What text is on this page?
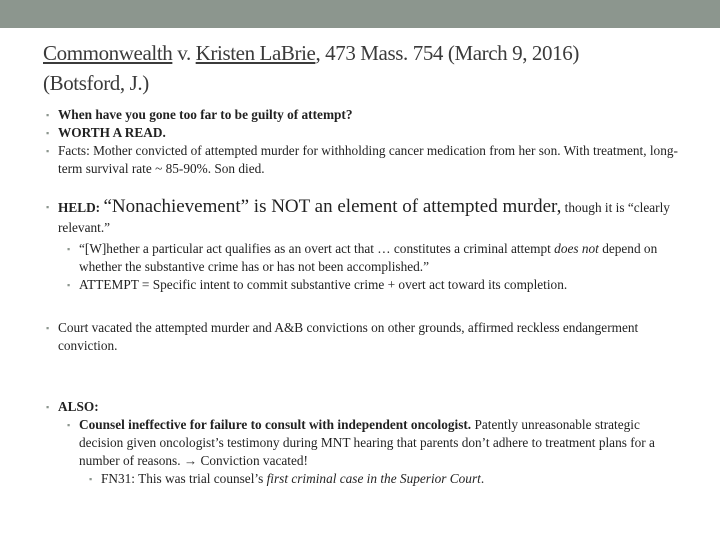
Commonwealth v. Kristen LaBrie, 473 Mass. 754 (March 9, 2016)
(Botsford, J.)
▪ When have you gone too far to be guilty of attempt?
▪ WORTH A READ.
▪ Facts: Mother convicted of attempted murder for withholding cancer medication from her son. With treatment, long-term survival rate ~ 85-90%. Son died.
▪ HELD: “Nonachievement” is NOT an element of attempted murder, though it is “clearly relevant.”
▪ “[W]hether a particular act qualifies as an overt act that … constitutes a criminal attempt does not depend on whether the substantive crime has or has not been accomplished.”
▪ ATTEMPT = Specific intent to commit substantive crime + overt act toward its completion.
▪ Court vacated the attempted murder and A&B convictions on other grounds, affirmed reckless endangerment conviction.
▪ ALSO:
▪ Counsel ineffective for failure to consult with independent oncologist. Patently unreasonable strategic decision given oncologist’s testimony during MNT hearing that parents don’t adhere to treatment plans for a number of reasons. → Conviction vacated!
▪ FN31: This was trial counsel’s first criminal case in the Superior Court.
